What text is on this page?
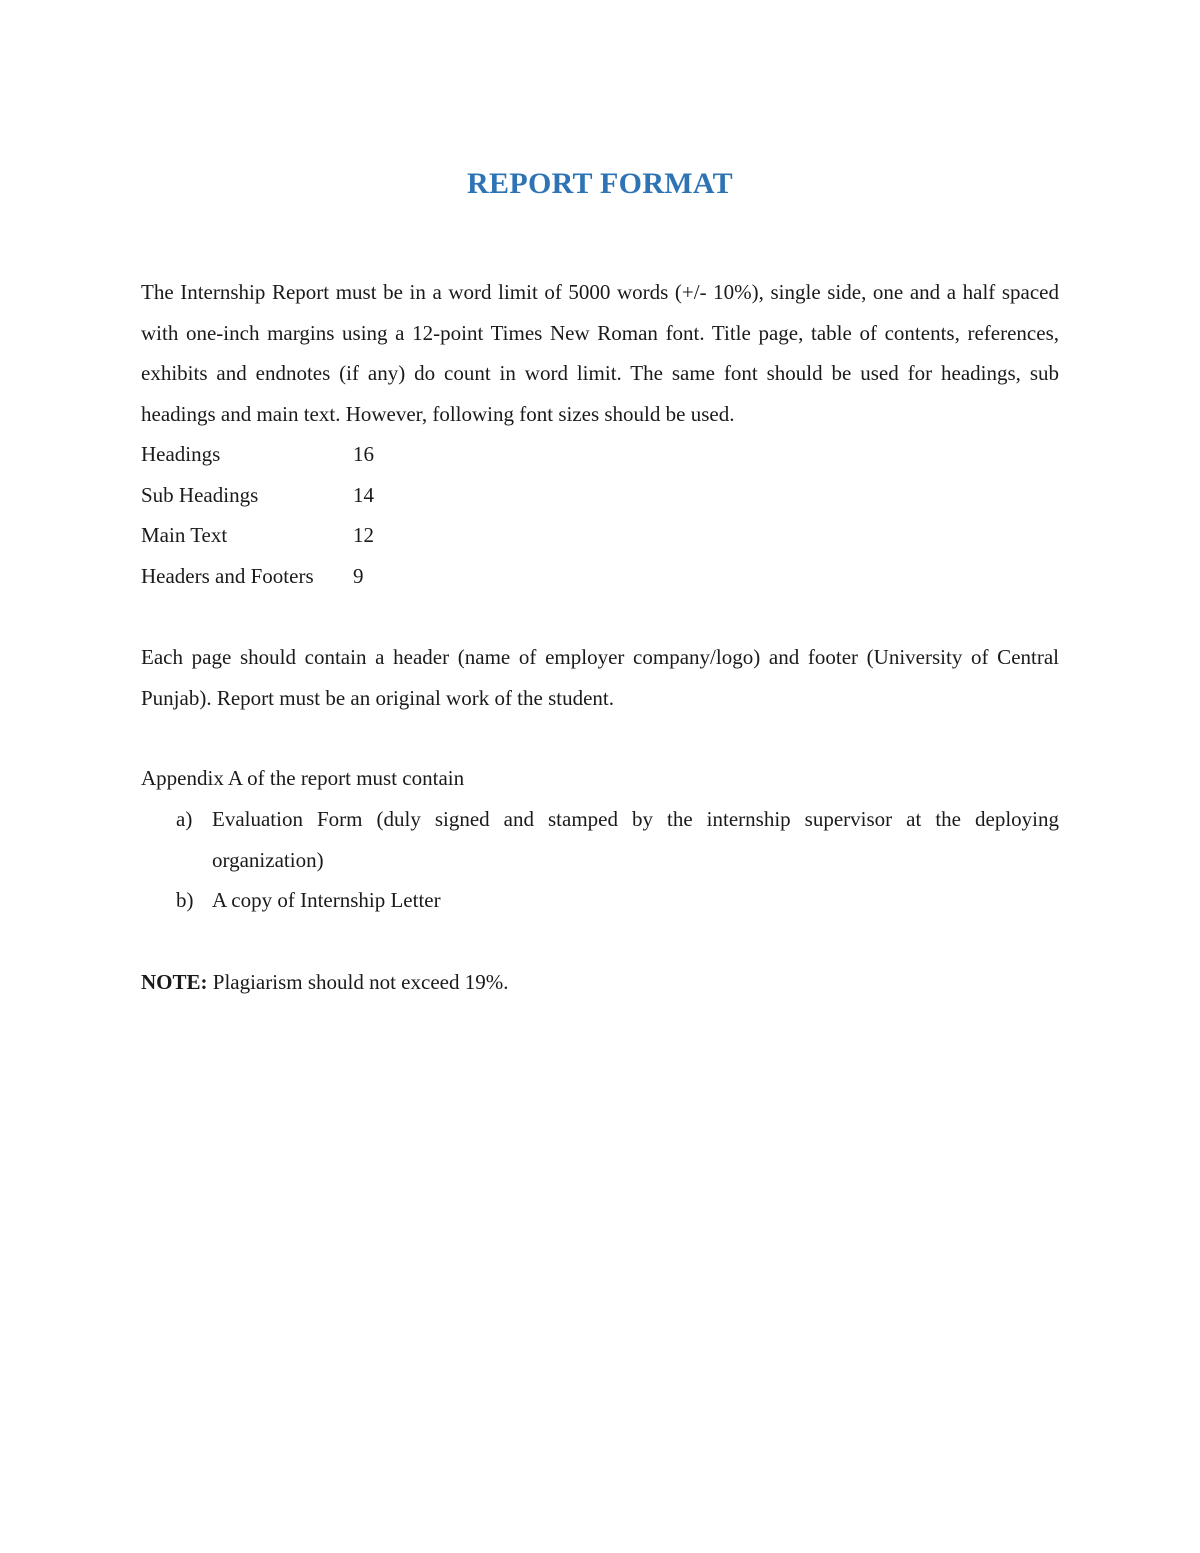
REPORT FORMAT

The Internship Report must be in a word limit of 5000 words (+/- 10%), single side, one and a half spaced with one-inch margins using a 12-point Times New Roman font. Title page, table of contents, references, exhibits and endnotes (if any) do count in word limit. The same font should be used for headings, sub headings and main text. However, following font sizes should be used.

Headings	16
Sub Headings	14
Main Text	12
Headers and Footers	9
Each page should contain a header (name of employer company/logo) and footer (University of Central Punjab). Report must be an original work of the student.
Appendix A of the report must contain
a) Evaluation Form (duly signed and stamped by the internship supervisor at the deploying organization)
b) A copy of Internship Letter
NOTE: Plagiarism should not exceed 19%.
